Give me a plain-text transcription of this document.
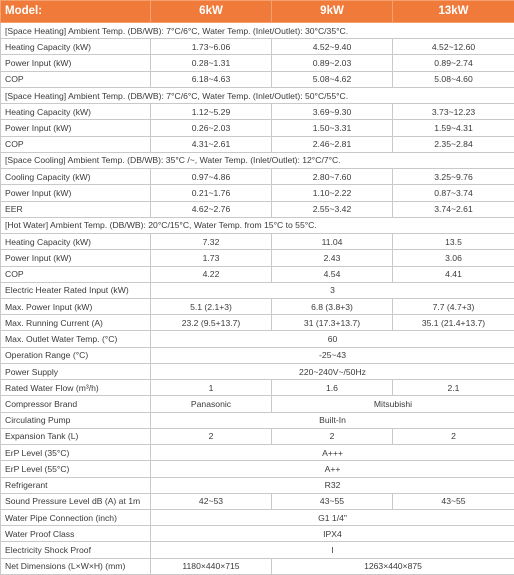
Model:	6kW	9kW	13kW
[Space Heating] Ambient Temp. (DB/WB): 7°C/6°C, Water Temp. (Inlet/Outlet): 30°C/35°C.			
Heating Capacity (kW)	1.73~6.06	4.52~9.40	4.52~12.60
Power Input (kW)	0.28~1.31	0.89~2.03	0.89~2.74
COP	6.18~4.63	5.08~4.62	5.08~4.60
[Space Heating] Ambient Temp. (DB/WB): 7°C/6°C, Water Temp. (Inlet/Outlet): 50°C/55°C.			
Heating Capacity (kW)	1.12~5.29	3.69~9.30	3.73~12.23
Power Input (kW)	0.26~2.03	1.50~3.31	1.59~4.31
COP	4.31~2.61	2.46~2.81	2.35~2.84
[Space Cooling] Ambient Temp. (DB/WB): 35°C /~, Water Temp. (Inlet/Outlet): 12°C/7°C.			
Cooling Capacity (kW)	0.97~4.86	2.80~7.60	3.25~9.76
Power Input (kW)	0.21~1.76	1.10~2.22	0.87~3.74
EER	4.62~2.76	2.55~3.42	3.74~2.61
[Hot Water] Ambient Temp. (DB/WB): 20°C/15°C, Water Temp. from 15°C to 55°C.			
Heating Capacity (kW)	7.32	11.04	13.5
Power Input (kW)	1.73	2.43	3.06
COP	4.22	4.54	4.41
Electric Heater Rated Input (kW)	3		
Max. Power Input (kW)	5.1 (2.1+3)	6.8 (3.8+3)	7.7 (4.7+3)
Max. Running Current (A)	23.2 (9.5+13.7)	31 (17.3+13.7)	35.1 (21.4+13.7)
Max. Outlet Water Temp. (°C)	60		
Operation Range (°C)	-25~43		
Power Supply	220~240V~/50Hz		
Rated Water Flow (m³/h)	1	1.6	2.1
Compressor Brand	Panasonic	Mitsubishi	
Circulating Pump	Built-In		
Expansion Tank (L)	2	2	2
ErP Level (35°C)	A+++		
ErP Level (55°C)	A++		
Refrigerant	R32		
Sound Pressure Level dB (A) at 1m	42~53	43~55	43~55
Water Pipe Connection (inch)	G1 1/4"		
Water Proof Class	IPX4		
Electricity Shock Proof	I		
Net Dimensions (L×W×H) (mm)	1180×440×715	1263×440×875	
